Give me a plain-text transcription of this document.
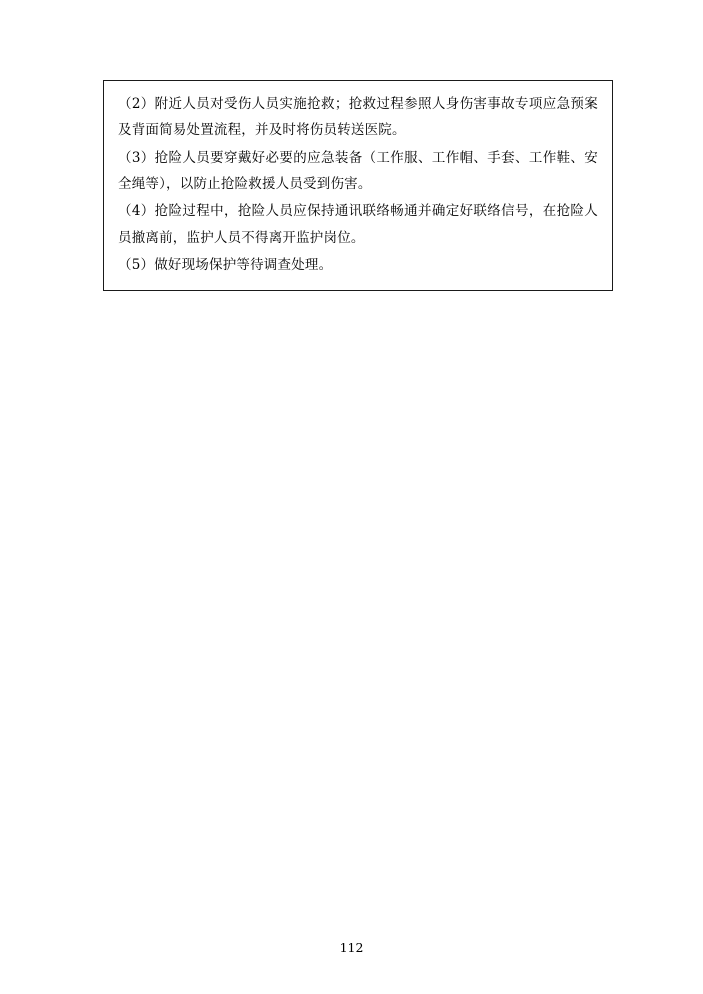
（2）附近人员对受伤人员实施抢救；抢救过程参照人身伤害事故专项应急预案及背面简易处置流程，并及时将伤员转送医院。

（3）抢险人员要穿戴好必要的应急装备（工作服、工作帽、手套、工作鞋、安全绳等），以防止抢险救援人员受到伤害。

（4）抢险过程中，抢险人员应保持通讯联络畅通并确定好联络信号，在抢险人员撤离前，监护人员不得离开监护岗位。

（5）做好现场保护等待调查处理。

112
